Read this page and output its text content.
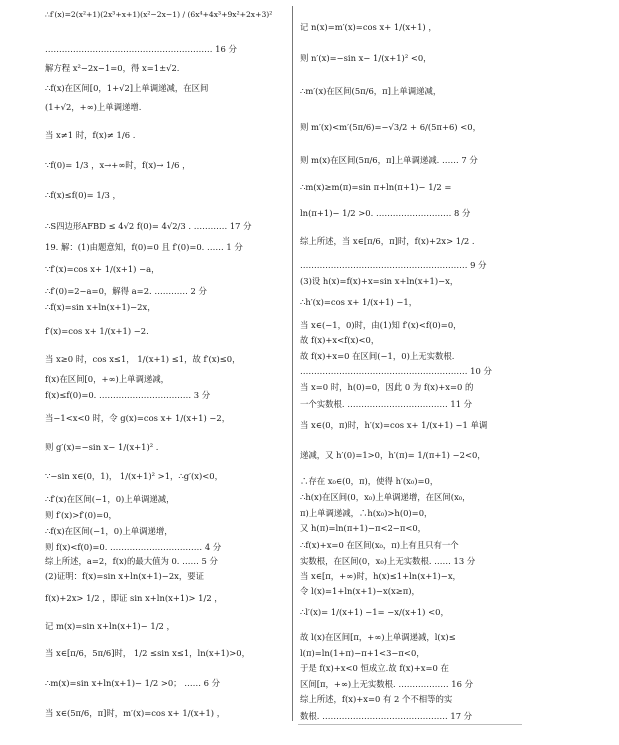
∴f′(x)=2(x²+1)(2x³+x+1)(x²−2x−1) / (6x⁴+4x³+9x²+2x+3)²
…………………………………………………… 16 分
解方程 x²−2x−1=0，得 x=1±√2.
∴f(x)在区间[0，1+√2]上单调递减，在区间
(1+√2，+∞)上单调递增.
当 x≠1 时，f(x)≠ 1/6 .
∵f(0)= 1/3 ，x→+∞时，f(x)→ 1/6 ，
∴f(x)≤f(0)= 1/3 ，
∴S四边形AFBD ≤ 4√2 f(0)= 4√2/3 . ………… 17 分
19. 解：(1)由题意知，f(0)=0 且 f′(0)=0. …… 1 分
∵f′(x)=cos x+ 1/(x+1) −a，
∴f′(0)=2−a=0，解得 a=2. ………… 2 分
∴f(x)=sin x+ln(x+1)−2x，
f′(x)=cos x+ 1/(x+1) −2.
当 x≥0 时，cos x≤1， 1/(x+1) ≤1，故 f′(x)≤0，
f(x)在区间[0，+∞)上单调递减，
f(x)≤f(0)=0. …………………………… 3 分
当−1<x<0 时，令 g(x)=cos x+ 1/(x+1) −2，
则 g′(x)=−sin x− 1/(x+1)² .
∵−sin x∈(0，1)， 1/(x+1)² >1，∴g′(x)<0，
∴f′(x)在区间(−1，0)上单调递减，
则 f′(x)>f′(0)=0，
∴f(x)在区间(−1，0)上单调递增，
则 f(x)<f(0)=0. …………………………… 4 分
综上所述，a=2，f(x)的最大值为 0. …… 5 分
(2)证明：f(x)=sin x+ln(x+1)−2x，要证
f(x)+2x> 1/2 ，即证 sin x+ln(x+1)> 1/2 ，
记 m(x)=sin x+ln(x+1)− 1/2 ，
当 x∈[π/6，5π/6]时， 1/2 ≤sin x≤1，ln(x+1)>0，
∴m(x)=sin x+ln(x+1)− 1/2 >0； …… 6 分
当 x∈(5π/6，π]时，m′(x)=cos x+ 1/(x+1) ，
记 n(x)=m′(x)=cos x+ 1/(x+1) ，
则 n′(x)=−sin x− 1/(x+1)² <0，
∴m′(x)在区间(5π/6，π]上单调递减，
则 m′(x)<m′(5π/6)=−√3/2 + 6/(5π+6) <0，
则 m(x)在区间(5π/6，π]上单调递减. …… 7 分
∴m(x)≥m(π)=sin π+ln(π+1)− 1/2 =
ln(π+1)− 1/2 >0. ……………………… 8 分
综上所述，当 x∈[π/6，π]时，f(x)+2x> 1/2 .
…………………………………………………… 9 分
(3)设 h(x)=f(x)+x=sin x+ln(x+1)−x，
∴h′(x)=cos x+ 1/(x+1) −1，
当 x∈(−1，0)时，由(1)知 f′(x)<f(0)=0，
故 f(x)+x<f(x)<0，
故 f(x)+x=0 在区间(−1，0)上无实数根.
…………………………………………………… 10 分
当 x=0 时，h(0)=0，因此 0 为 f(x)+x=0 的
一个实数根. ……………………………… 11 分
当 x∈(0，π)时，h′(x)=cos x+ 1/(x+1) −1 单调
递减，又 h′(0)=1>0，h′(π)= 1/(π+1) −2<0，
∴存在 x₀∈(0，π)，使得 h′(x₀)=0，
∴h(x)在区间(0，x₀)上单调递增，在区间(x₀，
π)上单调递减，∴h(x₀)>h(0)=0，
又 h(π)=ln(π+1)−π<2−π<0，
∴f(x)+x=0 在区间(x₀，π)上有且只有一个
实数根，在区间(0，x₀)上无实数根. …… 13 分
当 x∈[π，+∞)时，h(x)≤1+ln(x+1)−x，
令 l(x)=1+ln(x+1)−x(x≥π)，
∴l′(x)= 1/(x+1) −1= −x/(x+1) <0，
故 l(x)在区间[π，+∞)上单调递减，l(x)≤
l(π)=ln(1+π)−π+1<3−π<0，
于是 f(x)+x<0 恒成立.故 f(x)+x=0 在
区间[π，+∞)上无实数根. ……………… 16 分
综上所述，f(x)+x=0 有 2 个不相等的实
数根. ……………………………………… 17 分
